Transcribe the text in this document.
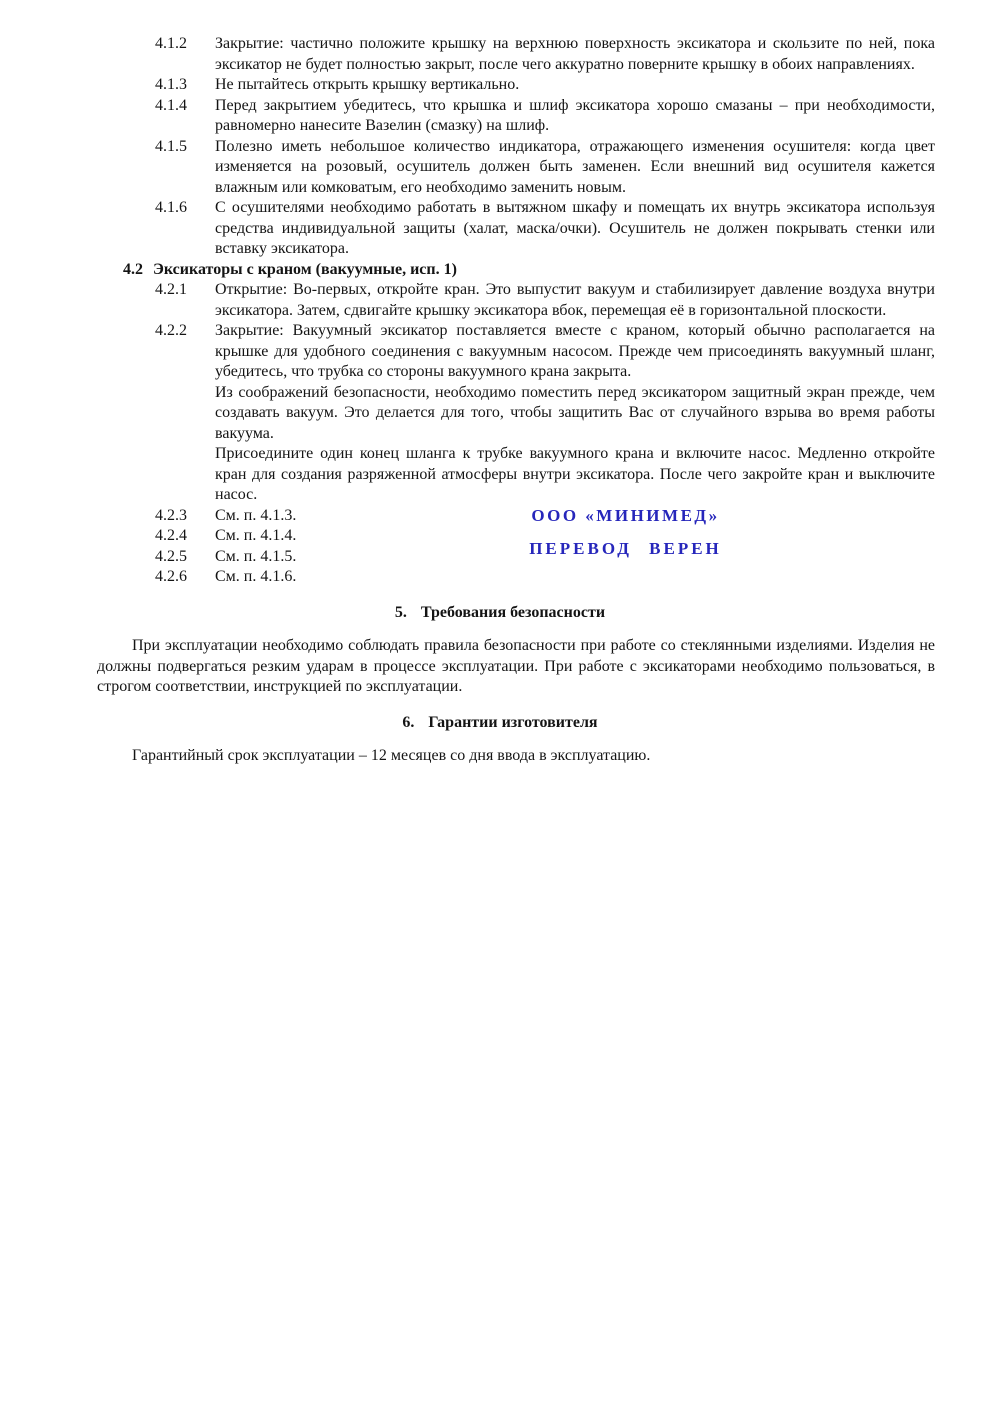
4.1.2	Закрытие: частично положите крышку на верхнюю поверхность эксикатора и скользите по ней, пока эксикатор не будет полностью закрыт, после чего аккуратно поверните крышку в обоих направлениях.
4.1.3	Не пытайтесь открыть крышку вертикально.
4.1.4	Перед закрытием убедитесь, что крышка и шлиф эксикатора хорошо смазаны – при необходимости, равномерно нанесите Вазелин (смазку) на шлиф.
4.1.5	Полезно иметь небольшое количество индикатора, отражающего изменения осушителя: когда цвет изменяется на розовый, осушитель должен быть заменен. Если внешний вид осушителя кажется влажным или комковатым, его необходимо заменить новым.
4.1.6	С осушителями необходимо работать в вытяжном шкафу и помещать их внутрь эксикатора используя средства индивидуальной защиты (халат, маска/очки). Осушитель не должен покрывать стенки или вставку эксикатора.
4.2 Эксикаторы с краном (вакуумные, исп. 1)
4.2.1	Открытие: Во-первых, откройте кран. Это выпустит вакуум и стабилизирует давление воздуха внутри эксикатора. Затем, сдвигайте крышку эксикатора вбок, перемещая её в горизонтальной плоскости.
4.2.2	Закрытие: Вакуумный эксикатор поставляется вместе с краном, который обычно располагается на крышке для удобного соединения с вакуумным насосом. Прежде чем присоединять вакуумный шланг, убедитесь, что трубка со стороны вакуумного крана закрыта.
Из соображений безопасности, необходимо поместить перед эксикатором защитный экран прежде, чем создавать вакуум. Это делается для того, чтобы защитить Вас от случайного взрыва во время работы вакуума.
Присоедините один конец шланга к трубке вакуумного крана и включите насос. Медленно откройте кран для создания разряженной атмосферы внутри эксикатора. После чего закройте кран и выключите насос.
4.2.3	См. п. 4.1.3.
4.2.4	См. п. 4.1.4.
4.2.5	См. п. 4.1.5.
4.2.6	См. п. 4.1.6.
ООО «МИНИМЕД»
ПЕРЕВОД ВЕРЕН
5. Требования безопасности
При эксплуатации необходимо соблюдать правила безопасности при работе со стеклянными изделиями. Изделия не должны подвергаться резким ударам в процессе эксплуатации. При работе с эксикаторами необходимо пользоваться, в строгом соответствии, инструкцией по эксплуатации.
6. Гарантии изготовителя
Гарантийный срок эксплуатации – 12 месяцев со дня ввода в эксплуатацию.
